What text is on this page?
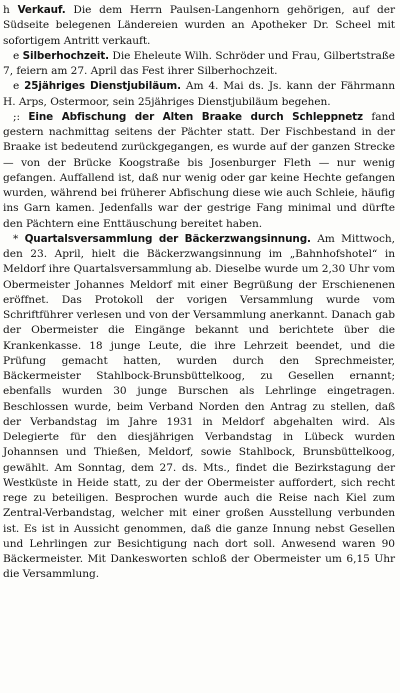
h Verkauf. Die dem Herrn Paulsen-Langenhorn gehörigen, auf der Südseite belegenen Ländereien wurden an Apotheker Dr. Scheel mit sofortigem Antritt verkauft.

e Silberhochzeit. Die Eheleute Wilh. Schröder und Frau, Gilbertstraße 7, feiern am 27. April das Fest ihrer Silberhochzeit.

e 25jähriges Dienstjubiläum. Am 4. Mai ds. Js. kann der Fährmann H. Arps, Ostermoor, sein 25jähriges Dienstjubiläum begehen.

;: Eine Abfischung der Alten Braake durch Schleppnetz fand gestern nachmittag seitens der Pächter statt. Der Fischbestand in der Braake ist bedeutend zurückgegangen, es wurde auf der ganzen Strecke — von der Brücke Koogstraße bis Josenburger Fleth — nur wenig gefangen. Auffallend ist, daß nur wenig oder gar keine Hechte gefangen wurden, während bei früherer Abfischung diese wie auch Schleie, häufig ins Garn kamen. Jedenfalls war der gestrige Fang minimal und dürfte den Pächtern eine Enttäuschung bereitet haben.

* Quartalsversammlung der Bäckerzwangsinnung. Am Mittwoch, den 23. April, hielt die Bäckerzwangsinnung im „Bahnhofshotel“ in Meldorf ihre Quartalsversammlung ab. Dieselbe wurde um 2,30 Uhr vom Obermeister Johannes Meldorf mit einer Begrüßung der Erschienenen eröffnet. Das Protokoll der vorigen Versammlung wurde vom Schriftführer verlesen und von der Versammlung anerkannt. Danach gab der Obermeister die Eingänge bekannt und berichtete über die Krankenkasse. 18 junge Leute, die ihre Lehrzeit beendet, und die Prüfung gemacht hatten, wurden durch den Sprechmeister, Bäckermeister Stahlbock-Brunsbüttelkoog, zu Gesellen ernannt; ebenfalls wurden 30 junge Burschen als Lehrlinge eingetragen. Beschlossen wurde, beim Verband Norden den Antrag zu stellen, daß der Verbandstag im Jahre 1931 in Meldorf abgehalten wird. Als Delegierte für den diesjährigen Verbandstag in Lübeck wurden Johannsen und Thießen, Meldorf, sowie Stahlbock, Brunsbüttelkoog, gewählt. Am Sonntag, dem 27. ds. Mts., findet die Bezirkstagung der Westküste in Heide statt, zu der der Obermeister auffordert, sich recht rege zu beteiligen. Besprochen wurde auch die Reise nach Kiel zum Zentral-Verbandstag, welcher mit einer großen Ausstellung verbunden ist. Es ist in Aussicht genommen, daß die ganze Innung nebst Gesellen und Lehrlingen zur Besichtigung nach dort soll. Anwesend waren 90 Bäckermeister. Mit Dankesworten schloß der Obermeister um 6,15 Uhr die Versammlung.
